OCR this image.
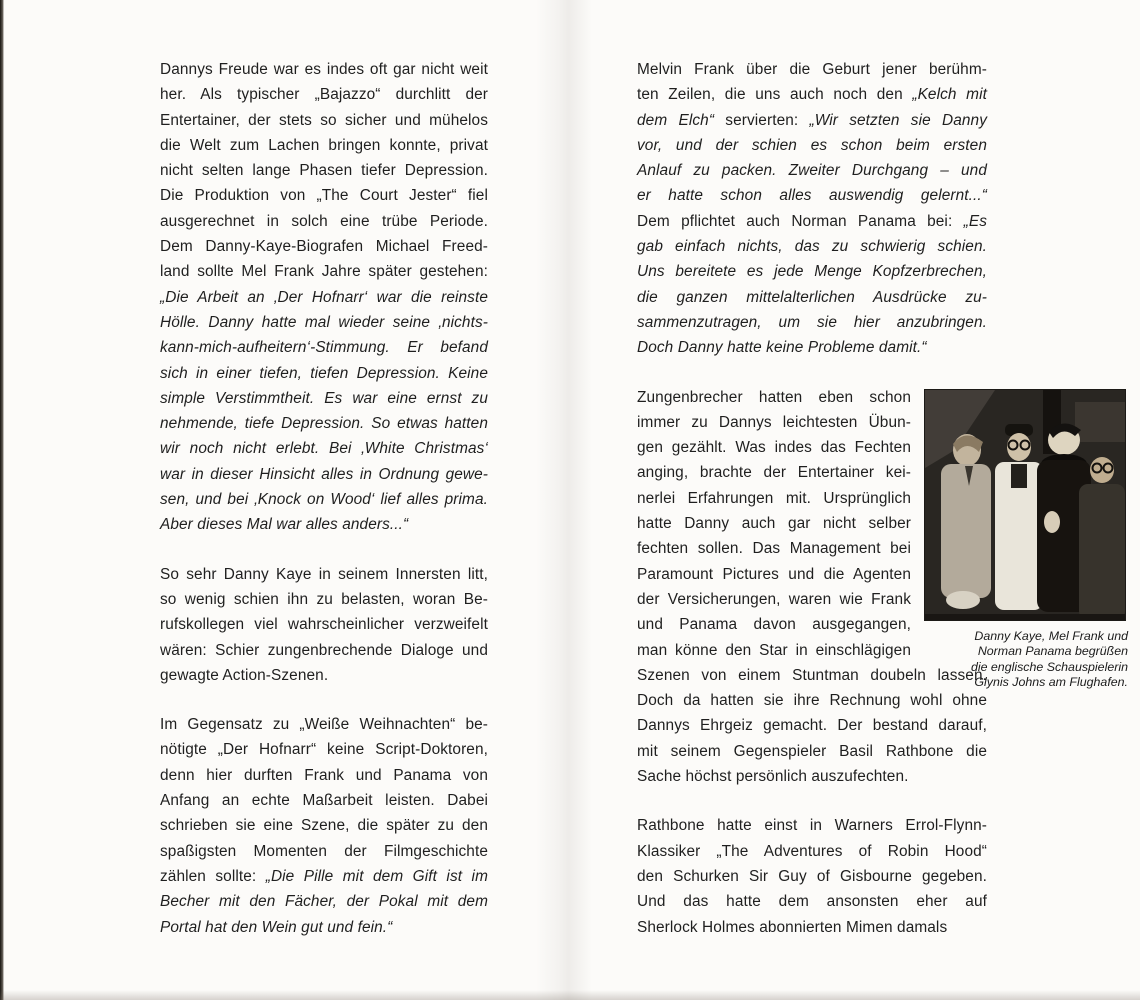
Dannys Freude war es indes oft gar nicht weit
her. Als typischer „Bajazzo“ durchlitt der
Entertainer, der stets so sicher und mühelos
die Welt zum Lachen bringen konnte, privat
nicht selten lange Phasen tiefer Depression.
Die Produktion von „The Court Jester“ fiel
ausgerechnet in solch eine trübe Periode.
Dem Danny-Kaye-Biografen Michael Freed-
land sollte Mel Frank Jahre später gestehen:
„Die Arbeit an ‚Der Hofnarr‘ war die reinste
Hölle. Danny hatte mal wieder seine ‚nichts-
kann-mich-aufheitern‘-Stimmung. Er befand
sich in einer tiefen, tiefen Depression. Keine
simple Verstimmtheit. Es war eine ernst zu
nehmende, tiefe Depression. So etwas hatten
wir noch nicht erlebt. Bei ‚White Christmas‘
war in dieser Hinsicht alles in Ordnung gewe-
sen, und bei ‚Knock on Wood‘ lief alles prima.
Aber dieses Mal war alles anders...“
So sehr Danny Kaye in seinem Innersten litt,
so wenig schien ihn zu belasten, woran Be-
rufskollegen viel wahrscheinlicher verzweifelt
wären: Schier zungenbrechende Dialoge und
gewagte Action-Szenen.
Im Gegensatz zu „Weiße Weihnachten“ be-
nötigte „Der Hofnarr“ keine Script-Doktoren,
denn hier durften Frank und Panama von
Anfang an echte Maßarbeit leisten. Dabei
schrieben sie eine Szene, die später zu den
spaßigsten Momenten der Filmgeschichte
zählen sollte: „Die Pille mit dem Gift ist im
Becher mit den Fächer, der Pokal mit dem
Portal hat den Wein gut und fein.“
Melvin Frank über die Geburt jener berühm-
ten Zeilen, die uns auch noch den „Kelch mit
dem Elch“ servierten: „Wir setzten sie Danny
vor, und der schien es schon beim ersten
Anlauf zu packen. Zweiter Durchgang – und
er hatte schon alles auswendig gelernt...“
Dem pflichtet auch Norman Panama bei: „Es
gab einfach nichts, das zu schwierig schien.
Uns bereitete es jede Menge Kopfzerbrechen,
die ganzen mittelalterlichen Ausdrücke zu-
sammenzutragen, um sie hier anzubringen.
Doch Danny hatte keine Probleme damit.“
Zungenbrecher hatten eben schon
immer zu Dannys leichtesten Übun-
gen gezählt. Was indes das Fechten
anging, brachte der Entertainer kei-
nerlei Erfahrungen mit. Ursprünglich
hatte Danny auch gar nicht selber
fechten sollen. Das Management bei
Paramount Pictures und die Agenten
der Versicherungen, waren wie Frank
und Panama davon ausgegangen,
man könne den Star in einschlägigen
Szenen von einem Stuntman doubeln lassen.
Doch da hatten sie ihre Rechnung wohl ohne
Dannys Ehrgeiz gemacht. Der bestand darauf,
mit seinem Gegenspieler Basil Rathbone die
Sache höchst persönlich auszufechten.
Rathbone hatte einst in Warners Errol-Flynn-
Klassiker „The Adventures of Robin Hood“
den Schurken Sir Guy of Gisbourne gegeben.
Und das hatte dem ansonsten eher auf
Sherlock Holmes abonnierten Mimen damals
Danny Kaye, Mel Frank und
Norman Panama begrüßen
die englische Schauspielerin
Glynis Johns am Flughafen.
